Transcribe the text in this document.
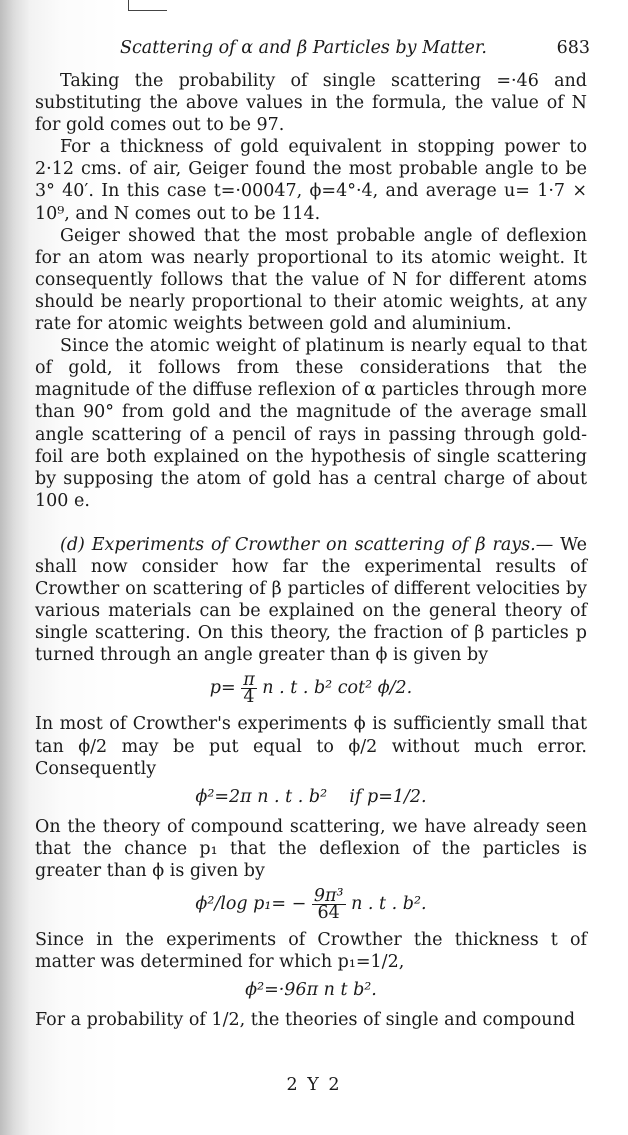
Scattering of α and β Particles by Matter.	683

Taking the probability of single scattering =·46 and substituting the above values in the formula, the value of N for gold comes out to be 97.

For a thickness of gold equivalent in stopping power to 2·12 cms. of air, Geiger found the most probable angle to be 3° 40′. In this case t=·00047, ϕ=4°·4, and average u= 1·7 × 10⁹, and N comes out to be 114.

Geiger showed that the most probable angle of deflexion for an atom was nearly proportional to its atomic weight. It consequently follows that the value of N for different atoms should be nearly proportional to their atomic weights, at any rate for atomic weights between gold and aluminium.

Since the atomic weight of platinum is nearly equal to that of gold, it follows from these considerations that the magnitude of the diffuse reflexion of α particles through more than 90° from gold and the magnitude of the average small angle scattering of a pencil of rays in passing through gold-foil are both explained on the hypothesis of single scattering by supposing the atom of gold has a central charge of about 100 e.

(d) Experiments of Crowther on scattering of β rays.— We shall now consider how far the experimental results of Crowther on scattering of β particles of different velocities by various materials can be explained on the general theory of single scattering. On this theory, the fraction of β particles p turned through an angle greater than ϕ is given by

$p= \frac{\pi}{4}$ n . t . b² cot² ϕ/2.

In most of Crowther's experiments ϕ is sufficiently small that tan ϕ/2 may be put equal to ϕ/2 without much error. Consequently

ϕ²=2π n . t . b²    if p=1/2.

On the theory of compound scattering, we have already seen that the chance p₁ that the deflexion of the particles is greater than ϕ is given by

ϕ²/log $p_1= - \frac{\text{9π³}}{64}$ n . t . b².

Since in the experiments of Crowther the thickness t of matter was determined for which p₁=1/2,

ϕ²=·96π n t b².

For a probability of 1/2, the theories of single and compound

2 Y 2
